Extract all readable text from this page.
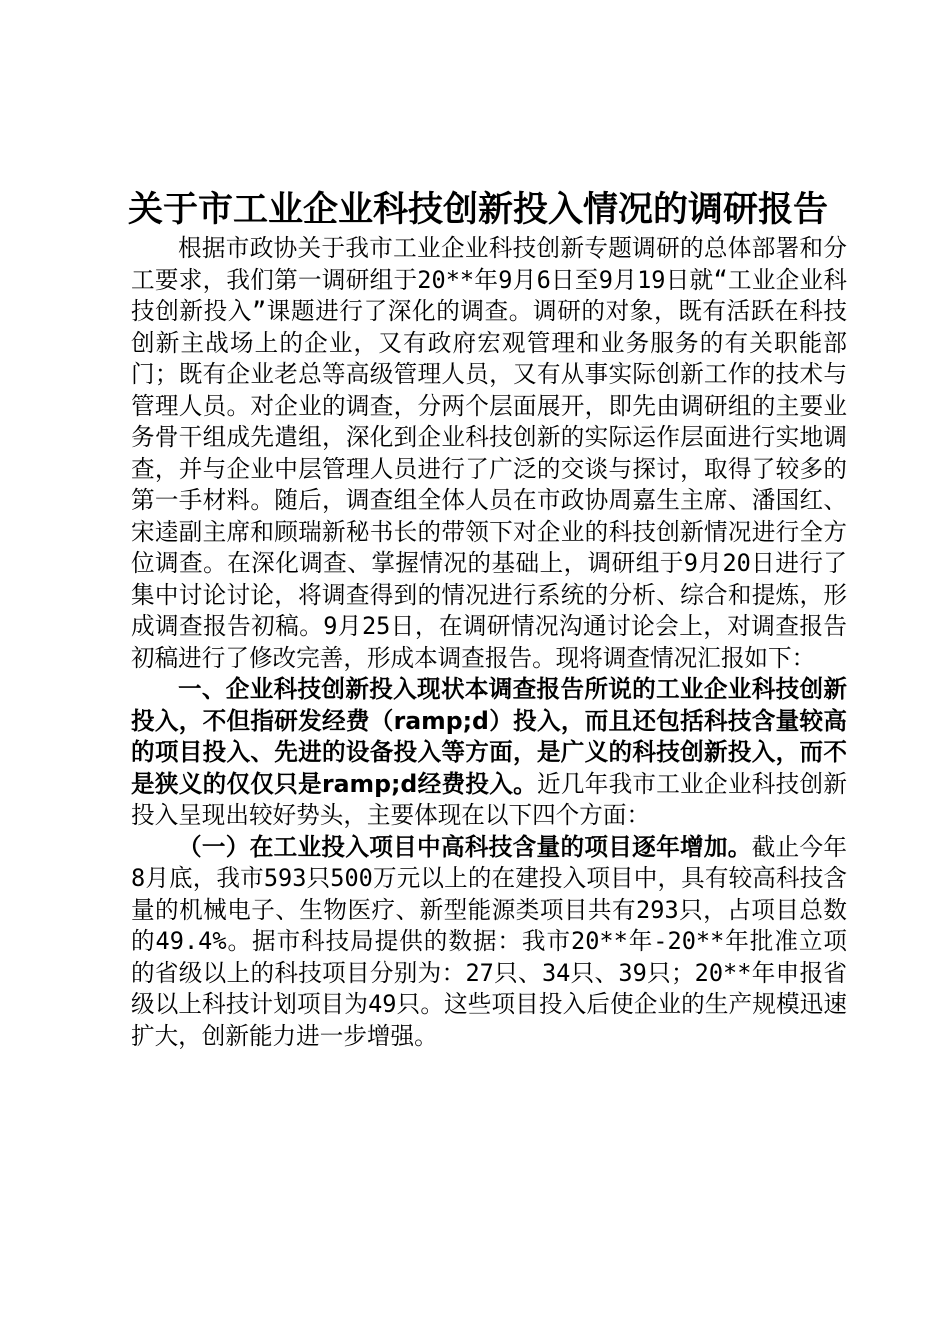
关于市工业企业科技创新投入情况的调研报告

根据市政协关于我市工业企业科技创新专题调研的总体部署和分工要求，我们第一调研组于20**年9月6日至9月19日就“工业企业科技创新投入”课题进行了深化的调查。调研的对象，既有活跃在科技创新主战场上的企业，又有政府宏观管理和业务服务的有关职能部门；既有企业老总等高级管理人员，又有从事实际创新工作的技术与管理人员。对企业的调查，分两个层面展开，即先由调研组的主要业务骨干组成先遣组，深化到企业科技创新的实际运作层面进行实地调查，并与企业中层管理人员进行了广泛的交谈与探讨，取得了较多的第一手材料。随后，调查组全体人员在市政协周嘉生主席、潘国红、宋逵副主席和顾瑞新秘书长的带领下对企业的科技创新情况进行全方位调查。在深化调查、掌握情况的基础上，调研组于9月20日进行了集中讨论讨论，将调查得到的情况进行系统的分析、综合和提炼，形成调查报告初稿。9月25日，在调研情况沟通讨论会上，对调查报告初稿进行了修改完善，形成本调查报告。现将调查情况汇报如下：

一、企业科技创新投入现状本调查报告所说的工业企业科技创新投入，不但指研发经费（ramp;d）投入，而且还包括科技含量较高的项目投入、先进的设备投入等方面，是广义的科技创新投入，而不是狭义的仅仅只是ramp;d经费投入。近几年我市工业企业科技创新投入呈现出较好势头，主要体现在以下四个方面：

（一）在工业投入项目中高科技含量的项目逐年增加。截止今年8月底，我市593只500万元以上的在建投入项目中，具有较高科技含量的机械电子、生物医疗、新型能源类项目共有293只，占项目总数的49.4%。据市科技局提供的数据：我市20**年-20**年批准立项的省级以上的科技项目分别为：27只、34只、39只；20**年申报省级以上科技计划项目为49只。这些项目投入后使企业的生产规模迅速扩大，创新能力进一步增强。
